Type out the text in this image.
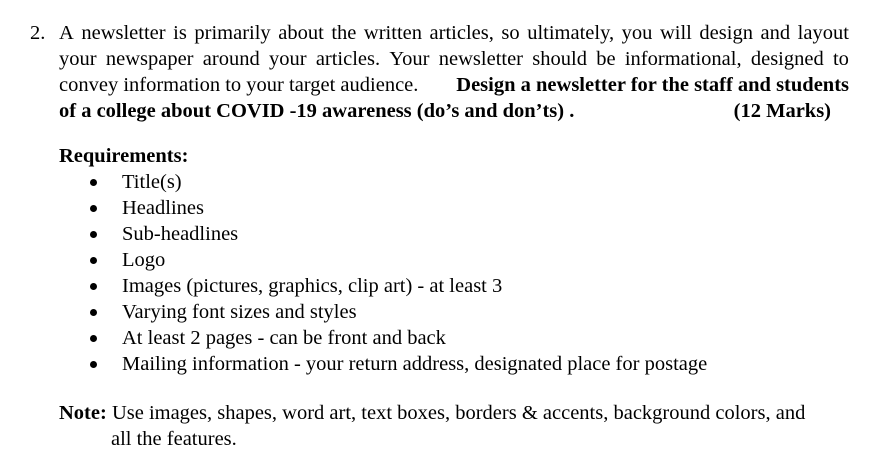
2. A newsletter is primarily about the written articles, so ultimately, you will design and layout
your newspaper around your articles. Your newsletter should be informational, designed to
convey information to your target audience. Design a newsletter for the staff and students
of a college about COVID -19 awareness (do’s and don’ts) .	(12 Marks)
Requirements:
Title(s)
Headlines
Sub-headlines
Logo
Images (pictures, graphics, clip art) - at least 3
Varying font sizes and styles
At least 2 pages - can be front and back
Mailing information - your return address, designated place for postage
Note: Use images, shapes, word art, text boxes, borders & accents, background colors, and
all the features.
